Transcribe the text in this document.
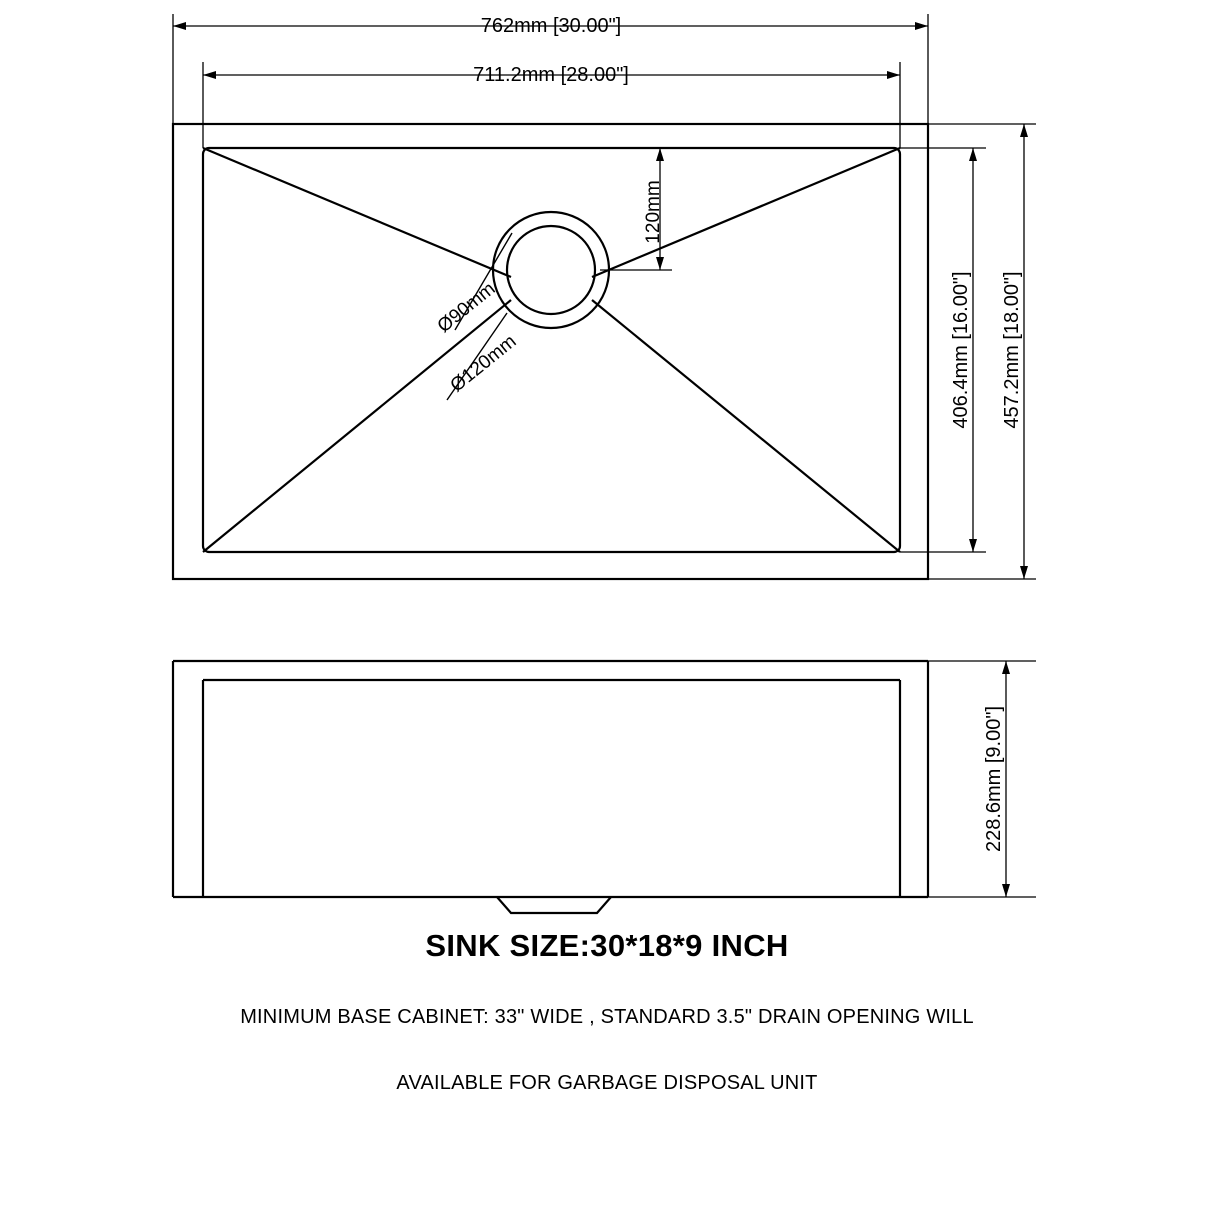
Ø90mm
Ø120mm
762mm [30.00"]
711.2mm [28.00"]
120mm
406.4mm [16.00"] 457.2mm [18.00"]
228.6mm [9.00"]
SINK SIZE:30*18*9 INCH
MINIMUM BASE CABINET: 33" WIDE , STANDARD 3.5" DRAIN OPENING WILL
AVAILABLE FOR GARBAGE DISPOSAL UNIT
